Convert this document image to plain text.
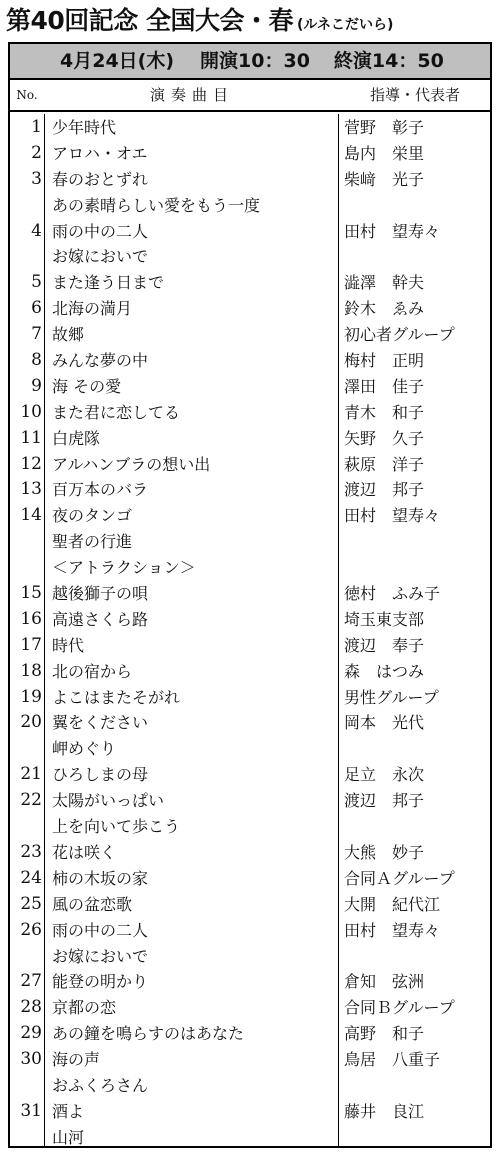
第40回記念 全国大会・春 (ルネこだいら)
4月24日(木) 開演10：30 終演14：50
No.	演奏曲目	指導・代表者
1 少年時代	菅野　彰子
2 アロハ・オエ	島内　栄里
3 春のおとずれ	柴﨑　光子
あの素晴らしい愛をもう一度
4 雨の中の二人	田村　望寿々
お嫁においで
5 また逢う日まで	澁澤　幹夫
6 北海の満月	鈴木　ゑみ
7 故郷	初心者グループ
8 みんな夢の中	梅村　正明
9 海 その愛	澤田　佳子
10 また君に恋してる	青木　和子
11 白虎隊	矢野　久子
12 アルハンブラの想い出	萩原　洋子
13 百万本のバラ	渡辺　邦子
14 夜のタンゴ	田村　望寿々
聖者の行進
＜アトラクション＞
15 越後獅子の唄	徳村　ふみ子
16 高遠さくら路	埼玉東支部
17 時代	渡辺　奉子
18 北の宿から	森　はつみ
19 よこはまたそがれ	男性グループ
20 翼をください	岡本　光代
岬めぐり
21 ひろしまの母	足立　永次
22 太陽がいっぱい	渡辺　邦子
上を向いて歩こう
23 花は咲く	大熊　妙子
24 柿の木坂の家	合同Ａグループ
25 風の盆恋歌	大開　紀代江
26 雨の中の二人	田村　望寿々
お嫁においで
27 能登の明かり	倉知　弦洲
28 京都の恋	合同Ｂグループ
29 あの鐘を鳴らすのはあなた	高野　和子
30 海の声	鳥居　八重子
おふくろさん
31 酒よ	藤井　良江
山河
